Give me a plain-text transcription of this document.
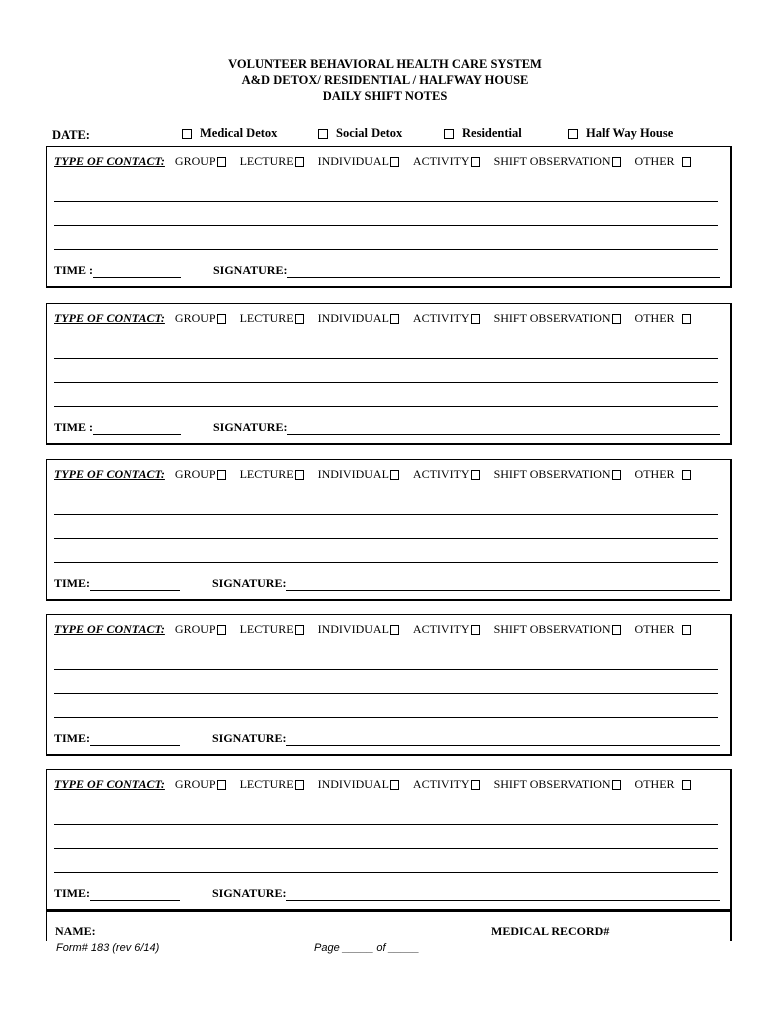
VOLUNTEER BEHAVIORAL HEALTH CARE SYSTEM
A&D DETOX/ RESIDENTIAL / HALFWAY HOUSE
DAILY SHIFT NOTES
DATE:	Medical Detox	Social Detox	Residential	Half Way House
TYPE OF CONTACT: GROUP LECTURE INDIVIDUAL ACTIVITY SHIFT OBSERVATION OTHER
TIME :	SIGNATURE:
TYPE OF CONTACT: GROUP LECTURE INDIVIDUAL ACTIVITY SHIFT OBSERVATION OTHER
TIME :	SIGNATURE:
TYPE OF CONTACT: GROUP LECTURE INDIVIDUAL ACTIVITY SHIFT OBSERVATION OTHER
TIME:	SIGNATURE:
TYPE OF CONTACT: GROUP LECTURE INDIVIDUAL ACTIVITY SHIFT OBSERVATION OTHER
TIME:	SIGNATURE:
TYPE OF CONTACT: GROUP LECTURE INDIVIDUAL ACTIVITY SHIFT OBSERVATION OTHER
TIME:	SIGNATURE:
NAME:	MEDICAL RECORD#
Form# 183 (rev 6/14)	Page _____ of _____
